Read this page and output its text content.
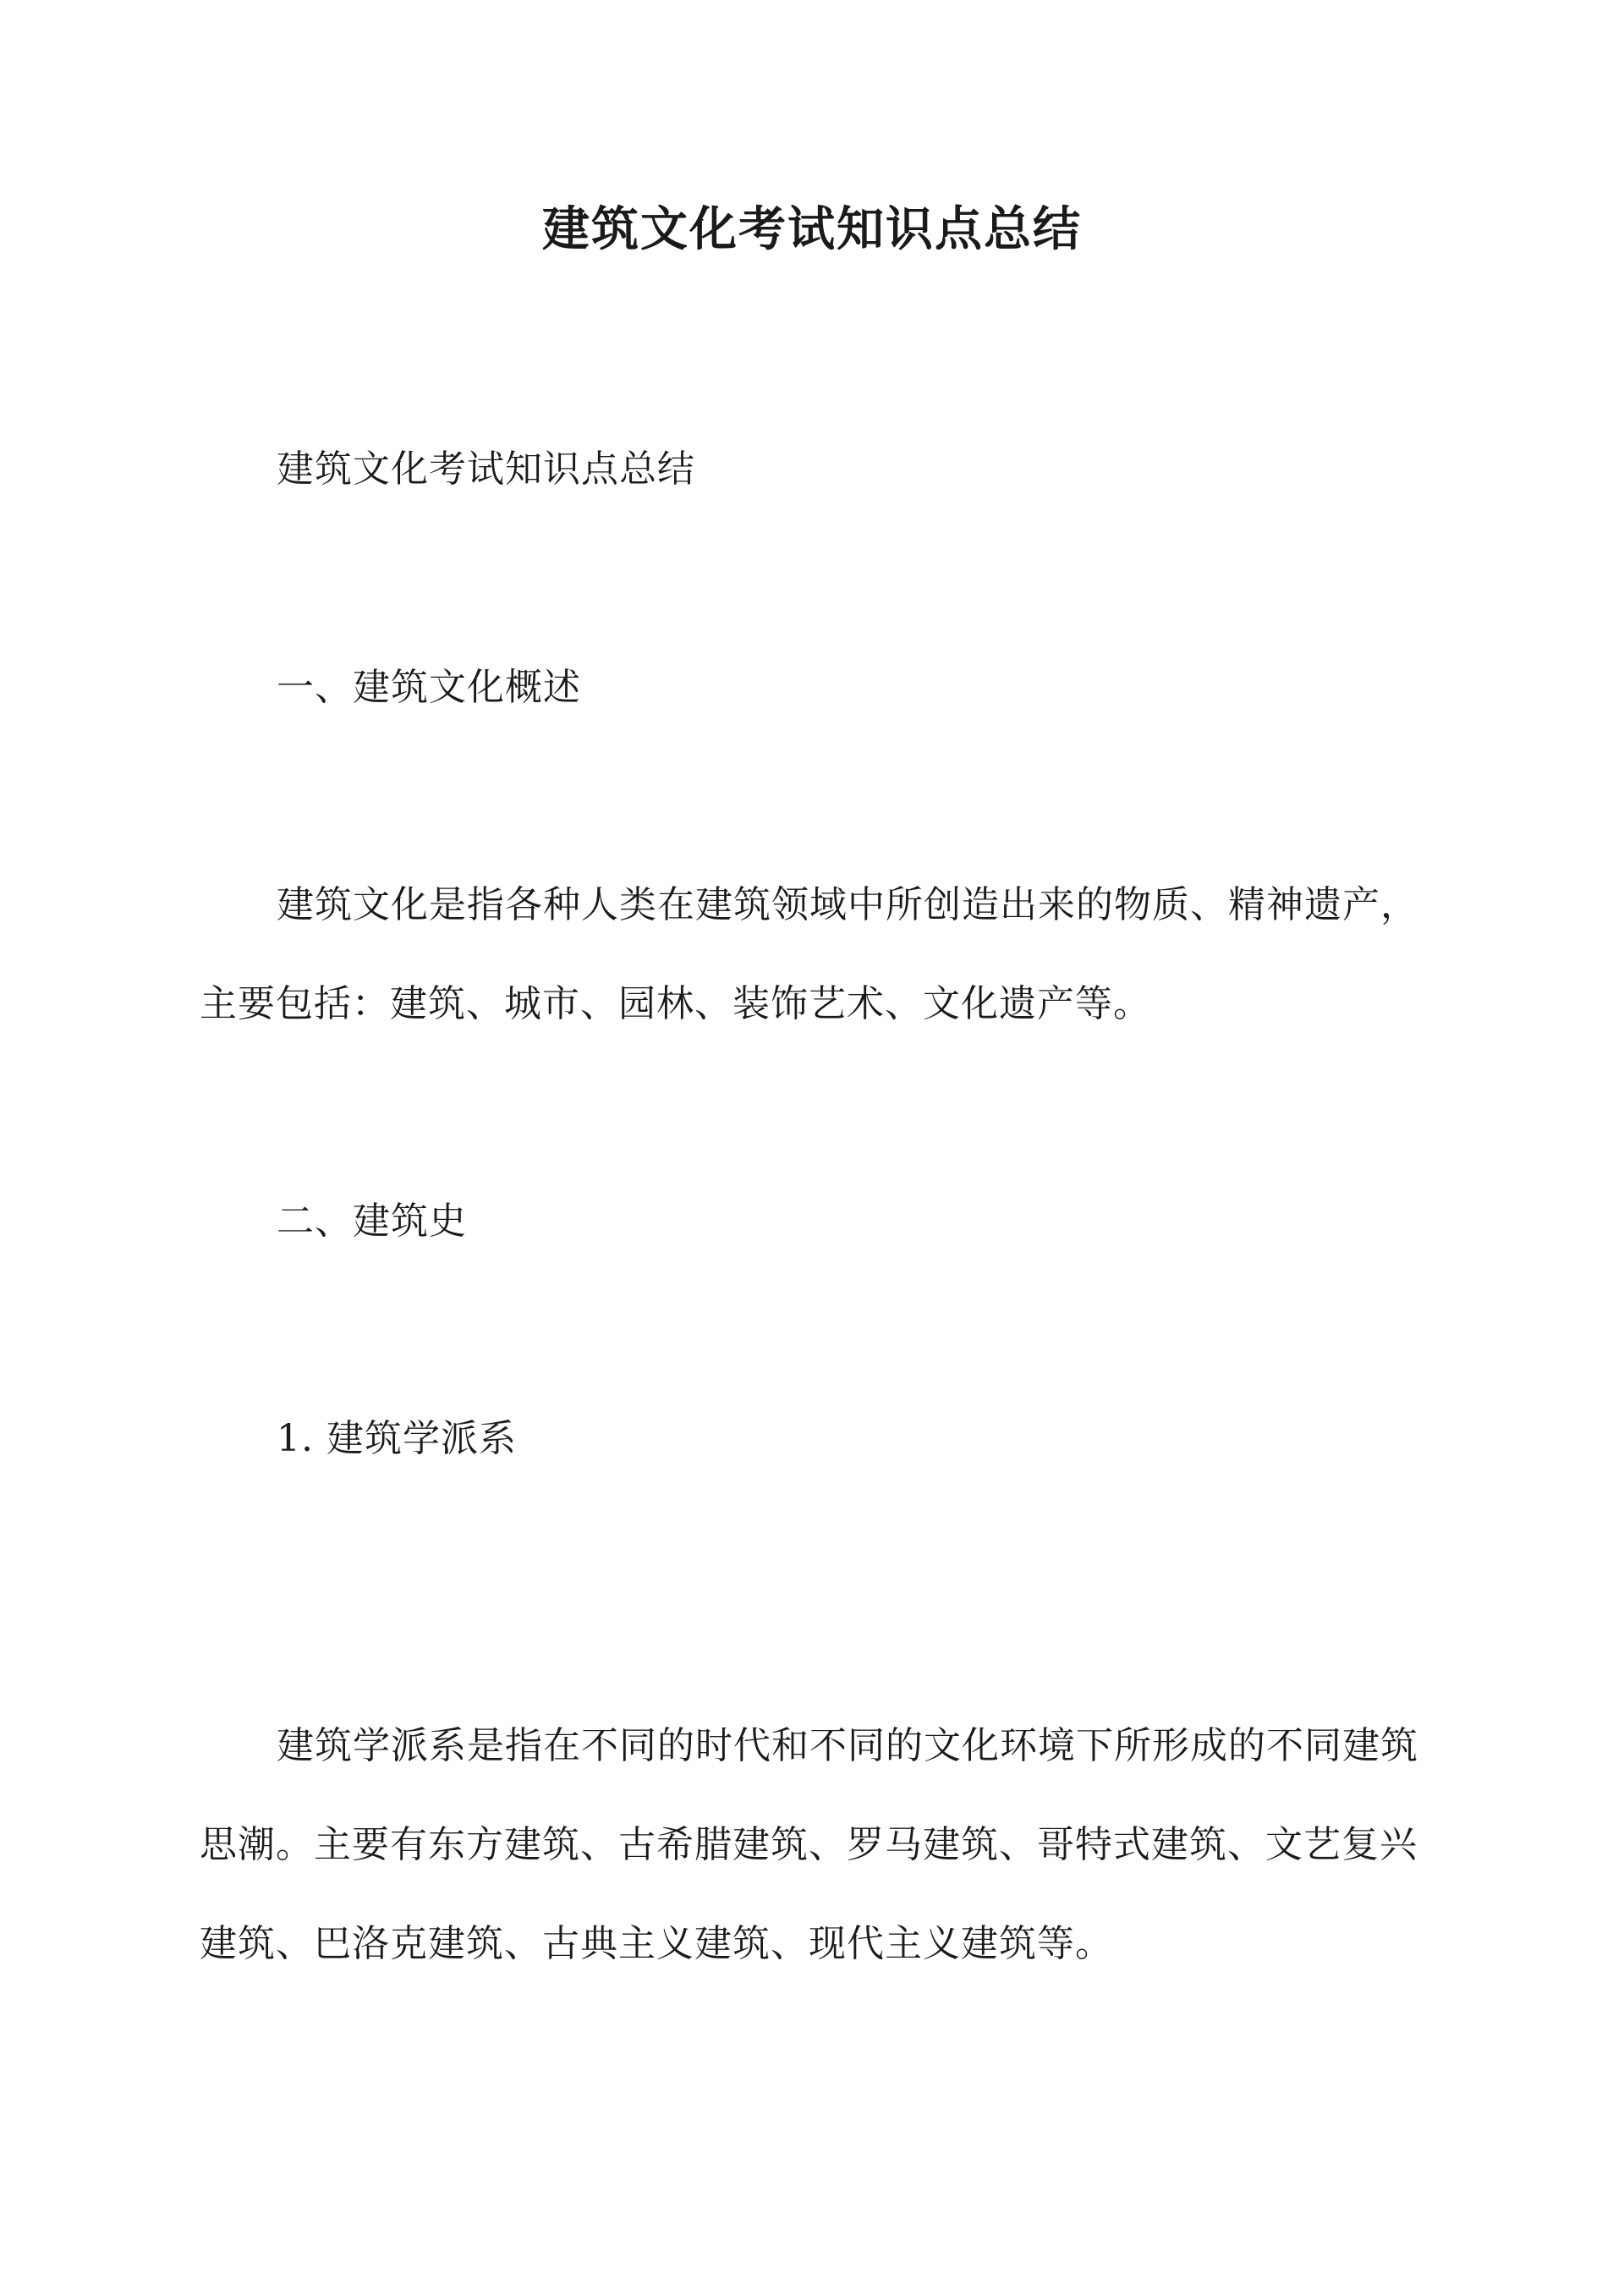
建筑文化考试知识点总结
建筑文化考试知识点总结
一、建筑文化概述
建筑文化是指各种人类在建筑领域中所创造出来的物质、精神遗产，
主要包括：建筑、城市、园林、装饰艺术、文化遗产等。
二、建筑史
1. 建筑学派系
建筑学派系是指在不同的时代和不同的文化环境下所形成的不同建筑
思潮。主要有东方建筑、古希腊建筑、罗马建筑、哥特式建筑、文艺复兴
建筑、巴洛克建筑、古典主义建筑、现代主义建筑等。
